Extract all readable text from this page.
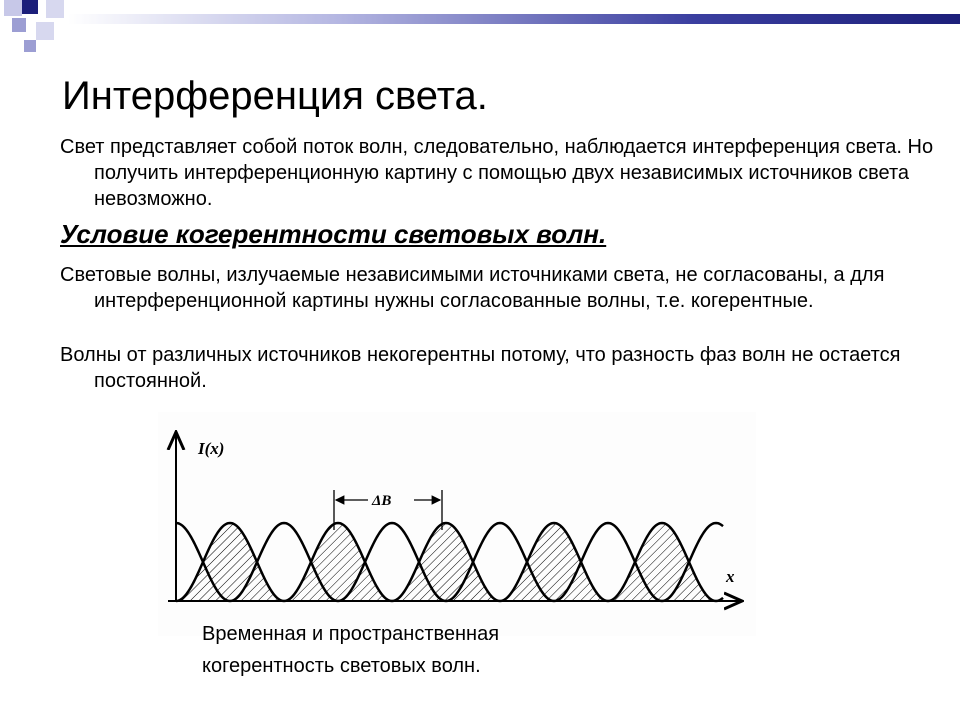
Интерференция света.
Свет представляет собой поток волн, следовательно, наблюдается интерференция света. Но получить интерференционную картину с помощью двух независимых источников света невозможно.
Условие когерентности световых волн.
Световые волны, излучаемые независимыми источниками света, не согласованы, а для интерференционной картины нужны согласованные волны, т.е. когерентные.
Волны от различных источников некогерентны потому, что разность фаз волн не остается постоянной.
I(x)
x
ΔB
Временная и пространственная
когерентность световых волн.
